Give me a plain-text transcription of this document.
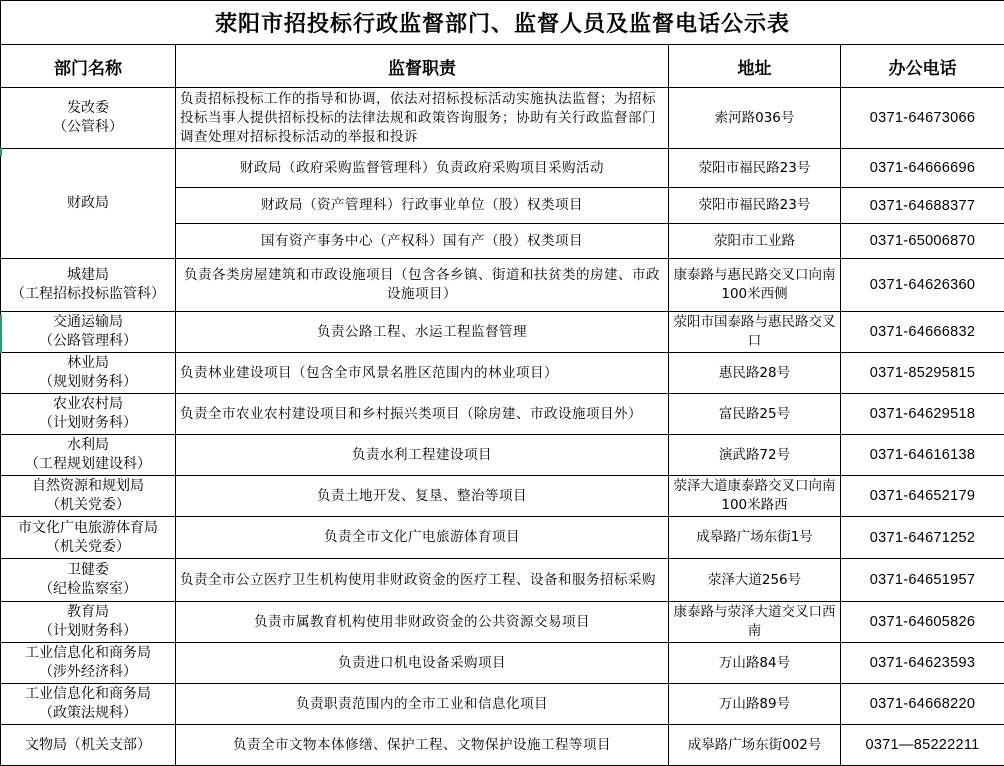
荥阳市招投标行政监督部门、监督人员及监督电话公示表			
部门名称	监督职责	地址	办公电话

发改委
（公管科）	负责招标投标工作的指导和协调，依法对招标投标活动实施执法监督；为招标投标当事人提供招标投标的法律法规和政策咨询服务；协助有关行政监督部门调查处理对招标投标活动的举报和投诉	索河路036号	0371-64673066

财政局	财政局（政府采购监督管理科）负责政府采购项目采购活动	荥阳市福民路23号	0371-64666696
	财政局（资产管理科）行政事业单位（股）权类项目	荥阳市福民路23号	0371-64688377
	国有资产事务中心（产权科）国有产（股）权类项目	荥阳市工业路	0371-65006870

城建局
（工程招标投标监管科）	负责各类房屋建筑和市政设施项目（包含各乡镇、街道和扶贫类的房建、市政设施项目）	康泰路与惠民路交叉口向南100米西侧	0371-64626360

交通运输局
（公路管理科）	负责公路工程、水运工程监督管理	荥阳市国泰路与惠民路交叉口	0371-64666832

林业局
（规划财务科）	负责林业建设项目（包含全市风景名胜区范围内的林业项目）	惠民路28号	0371-85295815

农业农村局
（计划财务科）	负责全市农业农村建设项目和乡村振兴类项目（除房建、市政设施项目外）	富民路25号	0371-64629518

水利局
（工程规划建设科）	负责水利工程建设项目	演武路72号	0371-64616138

自然资源和规划局
（机关党委）	负责土地开发、复垦、整治等项目	荥泽大道康泰路交叉口向南100米路西	0371-64652179

市文化广电旅游体育局
（机关党委）	负责全市文化广电旅游体育项目	成皋路广场东街1号	0371-64671252

卫健委
（纪检监察室）	负责全市公立医疗卫生机构使用非财政资金的医疗工程、设备和服务招标采购	荥泽大道256号	0371-64651957

教育局
（计划财务科）	负责市属教育机构使用非财政资金的公共资源交易项目	康泰路与荥泽大道交叉口西南	0371-64605826

工业信息化和商务局
（涉外经济科）	负责进口机电设备采购项目	万山路84号	0371-64623593

工业信息化和商务局
（政策法规科）	负责职责范围内的全市工业和信息化项目	万山路89号	0371-64668220

文物局（机关支部）	负责全市文物本体修缮、保护工程、文物保护设施工程等项目	成皋路广场东街002号	0371—85222211
